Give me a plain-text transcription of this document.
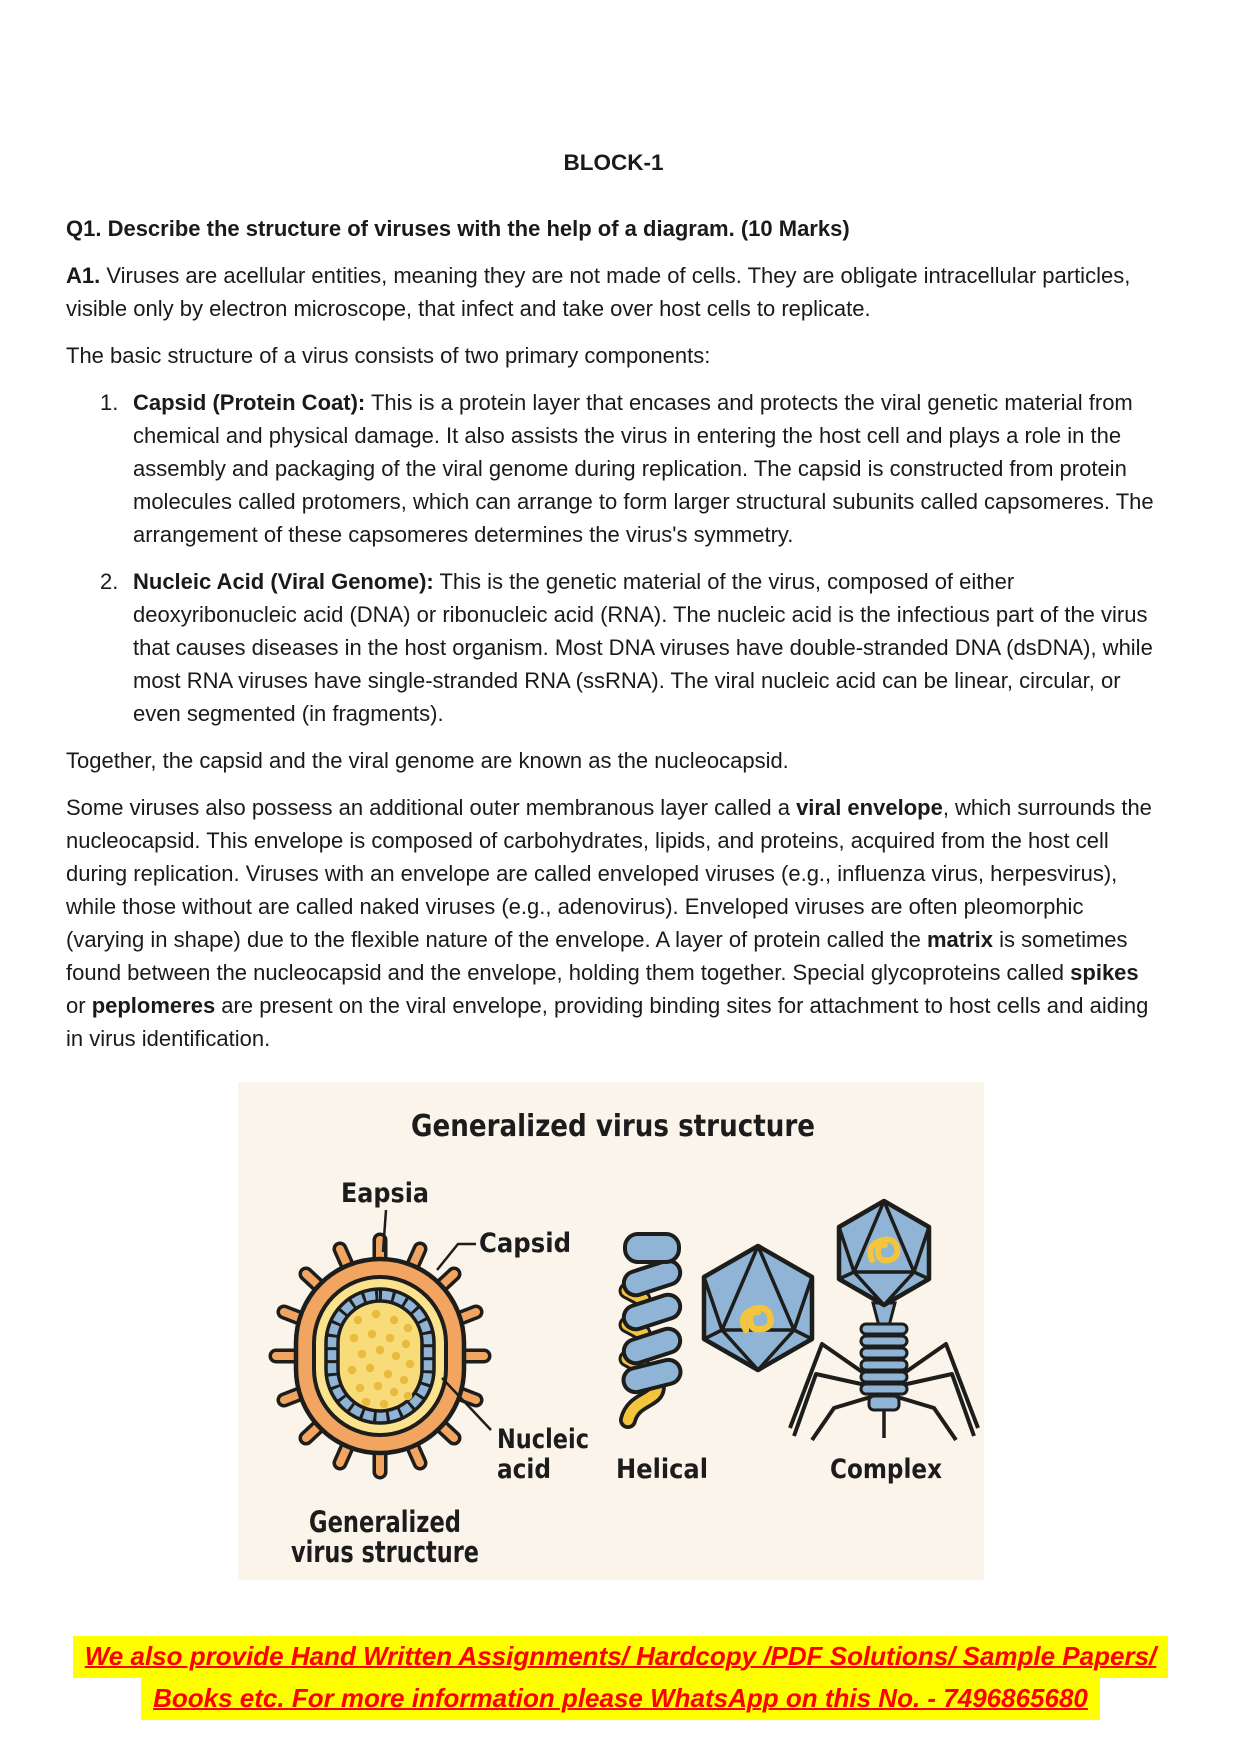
BLOCK-1

Q1. Describe the structure of viruses with the help of a diagram. (10 Marks)

A1. Viruses are acellular entities, meaning they are not made of cells. They are obligate intracellular particles, visible only by electron microscope, that infect and take over host cells to replicate.

The basic structure of a virus consists of two primary components:

1. Capsid (Protein Coat): This is a protein layer that encases and protects the viral genetic material from chemical and physical damage. It also assists the virus in entering the host cell and plays a role in the assembly and packaging of the viral genome during replication. The capsid is constructed from protein molecules called protomers, which can arrange to form larger structural subunits called capsomeres. The arrangement of these capsomeres determines the virus's symmetry.
2. Nucleic Acid (Viral Genome): This is the genetic material of the virus, composed of either deoxyribonucleic acid (DNA) or ribonucleic acid (RNA). The nucleic acid is the infectious part of the virus that causes diseases in the host organism. Most DNA viruses have double-stranded DNA (dsDNA), while most RNA viruses have single-stranded RNA (ssRNA). The viral nucleic acid can be linear, circular, or even segmented (in fragments).

Together, the capsid and the viral genome are known as the nucleocapsid.

Some viruses also possess an additional outer membranous layer called a viral envelope, which surrounds the nucleocapsid. This envelope is composed of carbohydrates, lipids, and proteins, acquired from the host cell during replication. Viruses with an envelope are called enveloped viruses (e.g., influenza virus, herpesvirus), while those without are called naked viruses (e.g., adenovirus). Enveloped viruses are often pleomorphic (varying in shape) due to the flexible nature of the envelope. A layer of protein called the matrix is sometimes found between the nucleocapsid and the envelope, holding them together. Special glycoproteins called spikes or peplomeres are present on the viral envelope, providing binding sites for attachment to host cells and aiding in virus identification.

Generalized virus structure
Eapsia
Capsid
Nucleic
acid
Generalized
virus structure
Helical	Complex
We also provide Hand Written Assignments/ Hardcopy /PDF Solutions/ Sample Papers/
Books etc. For more information please WhatsApp on this No. - 7496865680
